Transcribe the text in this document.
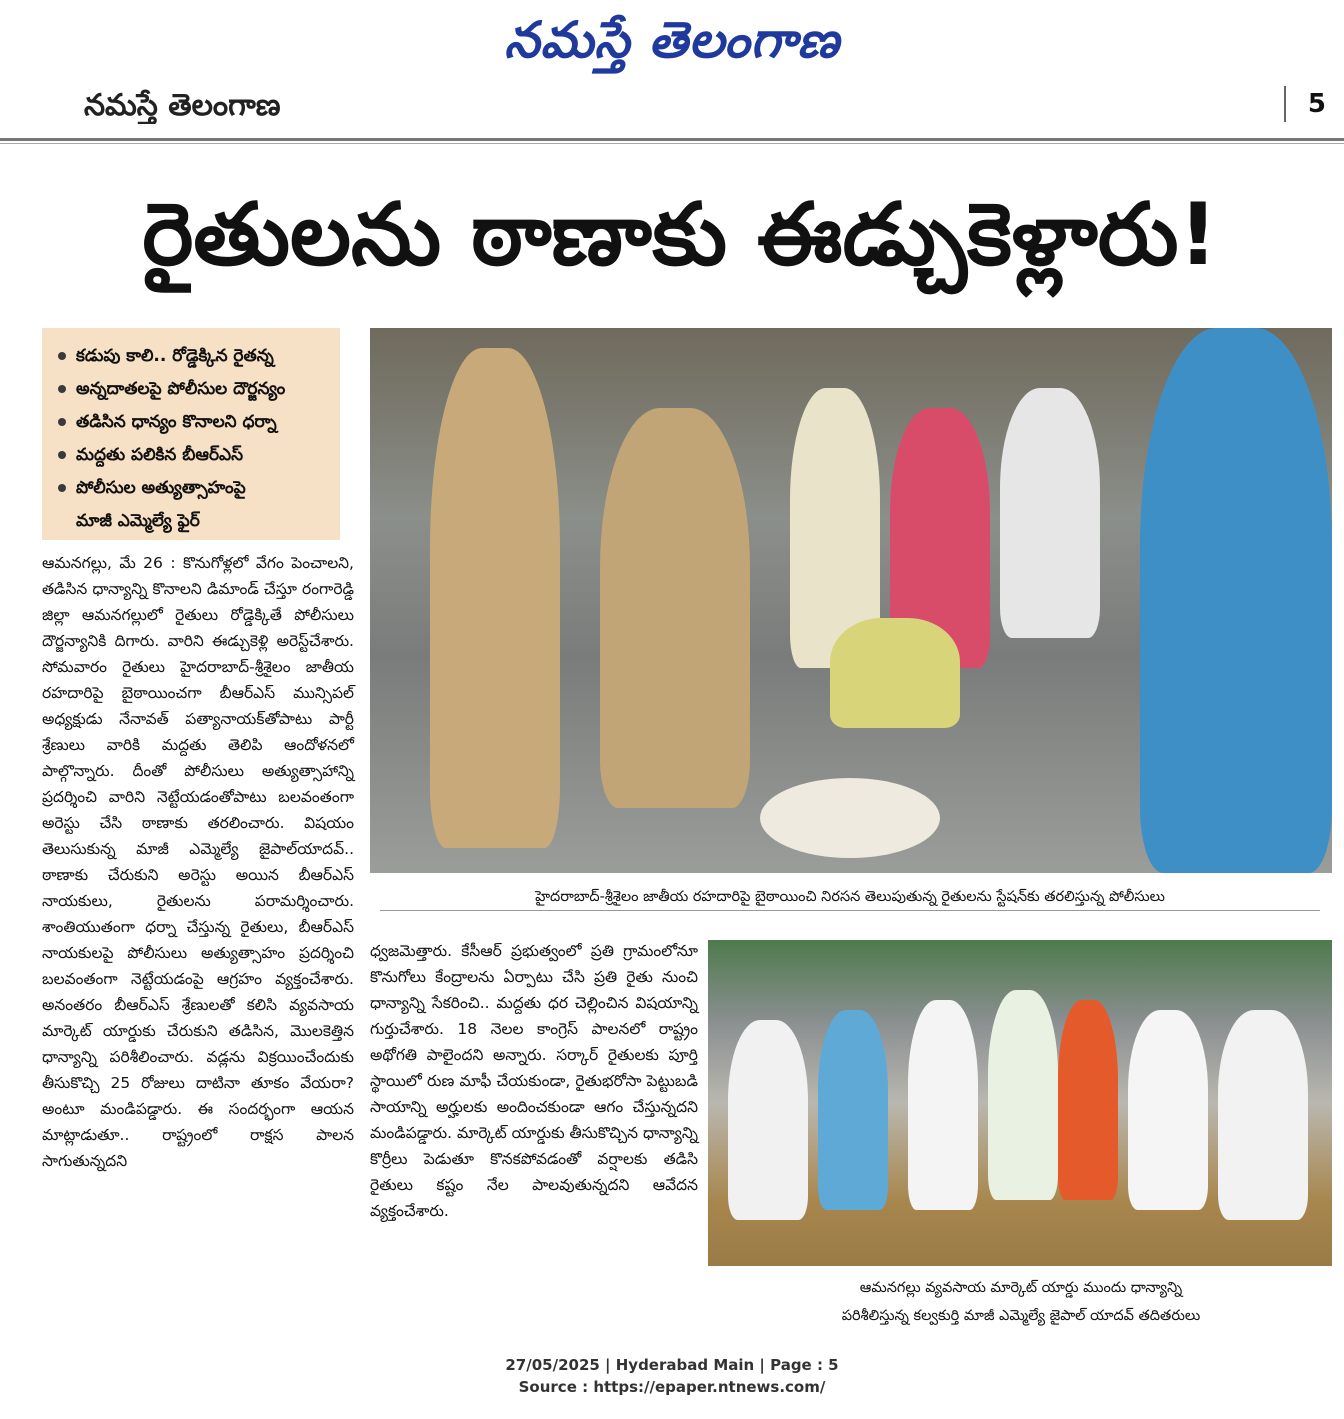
నమస్తే తెలంగాణ
నమస్తే తెలంగాణ	5
రైతులను ఠాణాకు ఈడ్చుకెళ్లారు!
కడుపు కాలి.. రోడ్డెక్కిన రైతన్న
అన్నదాతలపై పోలీసుల దౌర్జన్యం
తడిసిన ధాన్యం కొనాలని ధర్నా
మద్దతు పలికిన బీఆర్ఎస్
పోలీసుల అత్యుత్సాహంపై
మాజీ ఎమ్మెల్యే ఫైర్
ఆమనగల్లు, మే 26 : కొనుగోళ్లలో వేగం పెంచాలని, తడిసిన ధాన్యాన్ని కొనాలని డిమాండ్ చేస్తూ రంగారెడ్డి జిల్లా ఆమనగల్లులో రైతులు రోడ్డెక్కితే పోలీసులు దౌర్జన్యానికి దిగారు. వారిని ఈడ్చుకెళ్లి అరెస్ట్‌చేశారు. సోమవారం రైతులు హైదరాబాద్-శ్రీశైలం జాతీయ రహదారిపై బైఠాయించగా బీఆర్ఎస్ మున్సిపల్ అధ్యక్షుడు నేనావత్ పత్యానాయక్‌తోపాటు పార్టీ శ్రేణులు వారికి మద్దతు తెలిపి ఆందోళనలో పాల్గొన్నారు. దీంతో పోలీసులు అత్యుత్సాహాన్ని ప్రదర్శించి వారిని నెట్టేయడంతోపాటు బలవంతంగా అరెస్టు చేసి ఠాణాకు తరలించారు. విషయం తెలుసుకున్న మాజీ ఎమ్మెల్యే జైపాల్‌యాదవ్.. ఠాణాకు చేరుకుని అరెస్టు అయిన బీఆర్ఎస్ నాయకులు, రైతులను పరామర్శించారు. శాంతియుతంగా ధర్నా చేస్తున్న రైతులు, బీఆర్ఎస్ నాయకులపై పోలీసులు అత్యుత్సాహం ప్రదర్శించి బలవంతంగా నెట్టేయడంపై ఆగ్రహం వ్యక్తంచేశారు. అనంతరం బీఆర్ఎస్ శ్రేణులతో కలిసి వ్యవసాయ మార్కెట్ యార్డుకు చేరుకుని తడిసిన, మొలకెత్తిన ధాన్యాన్ని పరిశీలించారు. వడ్లను విక్రయించేందుకు తీసుకొచ్చి 25 రోజులు దాటినా తూకం వేయరా? అంటూ మండిపడ్డారు. ఈ సందర్భంగా ఆయన మాట్లాడుతూ.. రాష్ట్రంలో రాక్షస పాలన సాగుతున్నదని
హైదరాబాద్-శ్రీశైలం జాతీయ రహదారిపై బైఠాయించి నిరసన తెలుపుతున్న రైతులను స్టేషన్‌కు తరలిస్తున్న పోలీసులు
ధ్వజమెత్తారు. కేసీఆర్ ప్రభుత్వంలో ప్రతి గ్రామంలోనూ కొనుగోలు కేంద్రాలను ఏర్పాటు చేసి ప్రతి రైతు నుంచి ధాన్యాన్ని సేకరించి.. మద్దతు ధర చెల్లించిన విషయాన్ని గుర్తుచేశారు. 18 నెలల కాంగ్రెస్ పాలనలో రాష్ట్రం అథోగతి పాలైందని అన్నారు. సర్కార్ రైతులకు పూర్తి స్థాయిలో రుణ మాఫీ చేయకుండా, రైతుభరోసా పెట్టుబడి సాయాన్ని అర్హులకు అందించకుండా ఆగం చేస్తున్నదని మండిపడ్డారు. మార్కెట్ యార్డుకు తీసుకొచ్చిన ధాన్యాన్ని కొర్రీలు పెడుతూ కొనకపోవడంతో వర్షాలకు తడిసి రైతులు కష్టం నేల పాలవుతున్నదని ఆవేదన వ్యక్తంచేశారు.
ఆమనగల్లు వ్యవసాయ మార్కెట్ యార్డు ముందు ధాన్యాన్ని
పరిశీలిస్తున్న కల్వకుర్తి మాజీ ఎమ్మెల్యే జైపాల్ యాదవ్ తదితరులు
27/05/2025 | Hyderabad Main | Page : 5
Source : https://epaper.ntnews.com/
